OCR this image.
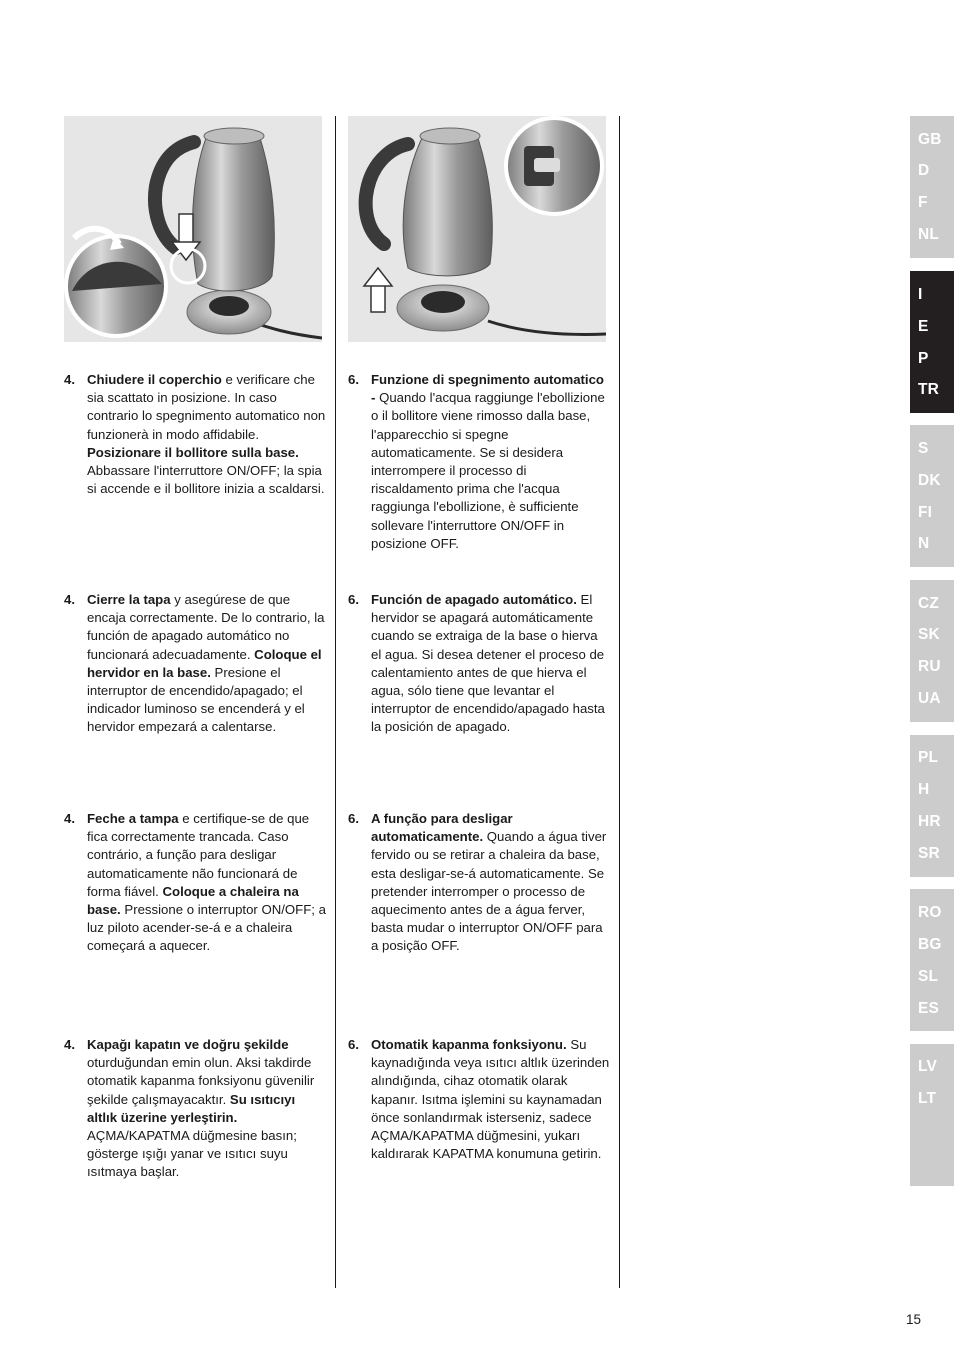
4. Chiudere il coperchio e verificare che sia scattato in posizione. In caso contrario lo spegnimento automatico non funzionerà in modo affidabile. Posizionare il bollitore sulla base. Abbassare l'interruttore ON/OFF; la spia si accende e il bollitore inizia a scaldarsi.
6. Funzione di spegnimento automatico - Quando l'acqua raggiunge l'ebollizione o il bollitore viene rimosso dalla base, l'apparecchio si spegne automaticamente. Se si desidera interrompere il processo di riscaldamento prima che l'acqua raggiunga l'ebollizione, è sufficiente sollevare l'interruttore ON/OFF in posizione OFF.
4. Cierre la tapa y asegúrese de que encaja correctamente. De lo contrario, la función de apagado automático no funcionará adecuadamente. Coloque el hervidor en la base. Presione el interruptor de encendido/apagado; el indicador luminoso se encenderá y el hervidor empezará a calentarse.
6. Función de apagado automático. El hervidor se apagará automáticamente cuando se extraiga de la base o hierva el agua. Si desea detener el proceso de calentamiento antes de que hierva el agua, sólo tiene que levantar el interruptor de encendido/apagado hasta la posición de apagado.
4. Feche a tampa e certifique-se de que fica correctamente trancada. Caso contrário, a função para desligar automaticamente não funcionará de forma fiável. Coloque a chaleira na base. Pressione o interruptor ON/OFF; a luz piloto acender-se-á e a chaleira começará a aquecer.
6. A função para desligar automaticamente. Quando a água tiver fervido ou se retirar a chaleira da base, esta desligar-se-á automaticamente. Se pretender interromper o processo de aquecimento antes de a água ferver, basta mudar o interruptor ON/OFF para a posição OFF.
4. Kapağı kapatın ve doğru şekilde oturduğundan emin olun. Aksi takdirde otomatik kapanma fonksiyonu güvenilir şekilde çalışmayacaktır. Su ısıtıcıyı altlık üzerine yerleştirin. AÇMA/KAPATMA düğmesine basın; gösterge ışığı yanar ve ısıtıcı suyu ısıtmaya başlar.
6. Otomatik kapanma fonksiyonu. Su kaynadığında veya ısıtıcı altlık üzerinden alındığında, cihaz otomatik olarak kapanır. Isıtma işlemini su kaynamadan önce sonlandırmak isterseniz, sadece AÇMA/KAPATMA düğmesini, yukarı kaldırarak KAPATMA konumuna getirin.
GB
D
F
NL
I
E
P
TR
S
DK
FI
N
CZ
SK
RU
UA
PL
H
HR
SR
RO
BG
SL
ES
LV
LT
15
